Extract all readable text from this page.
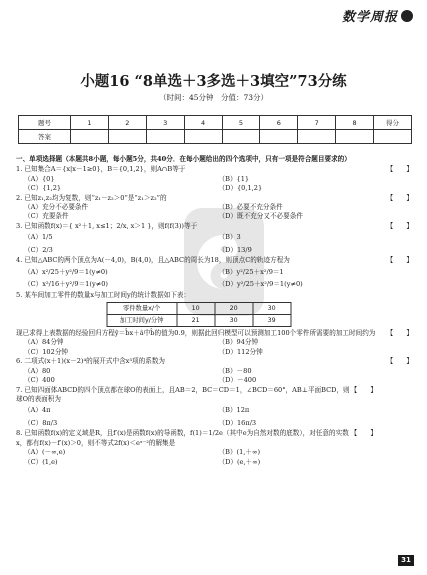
数学周报
小题16 “8单选＋3多选＋3填空”73分练
（时间：45分钟　分值：73分）
题号	1	2	3	4	5	6	7	8	得分
答案									
一、单项选择题（本题共8小题，每小题5分，共40分．在每小题给出的四个选项中，只有一项是符合题目要求的）
1. 已知集合A＝{x|x－1≥0}，B＝{0,1,2}，则A∩B等于	【　　】
（A）{0}	（B）{1}
（C）{1,2}	（D）{0,1,2}
2. 已知z₁,z₂均为复数，则“z₁－z₂＞0”是“z₁＞z₂”的	【　　】
（A）充分不必要条件	（B）必要不充分条件
（C）充要条件	（D）既不充分又不必要条件
3. 已知函数f(x)＝{ x²＋1, x≤1；2/x, x＞1 }，则f(f(3))等于	【　　】
（A）1/5	（B）3
（C）2/3	（D）13/9
4. 已知△ABC的两个顶点为A(－4,0)，B(4,0)，且△ABC的周长为18，则顶点C的轨迹方程为	【　　】
（A）x²/25＋y²/9＝1(y≠0)	（B）y²/25＋x²/9＝1
（C）x²/16＋y²/9＝1(y≠0)	（D）y²/25＋x²/9＝1(y≠0)
5. 某车间加工零件的数量x与加工时间y的统计数据如下表：
零件数量x/个	10	20	30
加工时间y/分钟	21	30	39
【　　】
现已求得上表数据的经验回归方程ŷ＝b̂x＋â中b̂的值为0.9，则据此回归模型可以预测加工100个零件所需要的加工时间约为
（A）84分钟	（B）94分钟
（C）102分钟	（D）112分钟
6. 二项式(x＋1)(x－2)⁴的展开式中含x³项的系数为	【　　】
（A）80	（B）－80
（C）400	（D）－400
【　　】
7. 已知四面体ABCD的四个顶点都在球O的表面上，且AB＝2，BC＝CD＝1，∠BCD＝60°，AB⊥平面BCD，则球O的表面积为
（A）4π	（B）12π
（C）8π/3	（D）16π/3
【　　】
8. 已知函数f(x)的定义域是R，且f′(x)是函数f(x)的导函数，f(1)＝1/2e（其中e为自然对数的底数），对任意的实数x，都有f(x)－f′(x)＞0，则不等式2f(x)＜eˣ⁻²的解集是
（A）(－∞,e)	（B）(1,＋∞)
（C）(1,e)	（D）(e,＋∞)
31
